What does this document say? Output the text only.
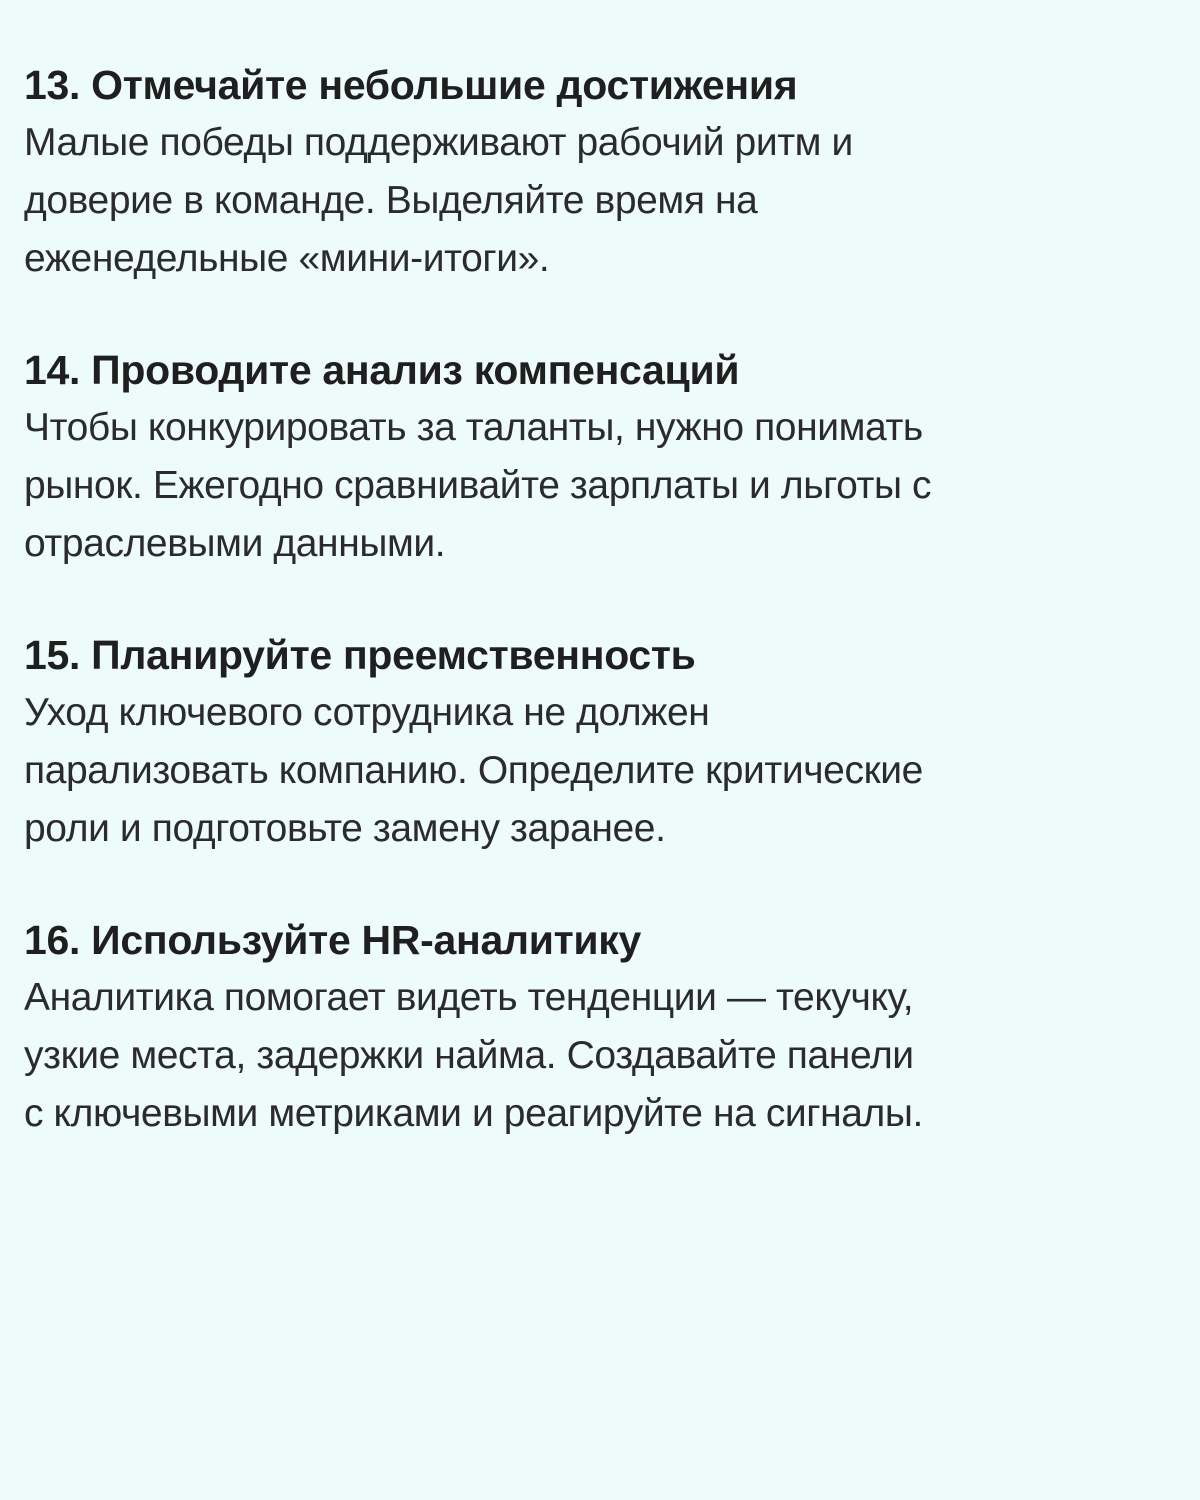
13. Отмечайте небольшие достижения
Малые победы поддерживают рабочий ритм и
доверие в команде. Выделяйте время на
еженедельные «мини-итоги».
14. Проводите анализ компенсаций
Чтобы конкурировать за таланты, нужно понимать
рынок. Ежегодно сравнивайте зарплаты и льготы с
отраслевыми данными.
15. Планируйте преемственность
Уход ключевого сотрудника не должен
парализовать компанию. Определите критические
роли и подготовьте замену заранее.
16. Используйте HR-аналитику
Аналитика помогает видеть тенденции — текучку,
узкие места, задержки найма. Создавайте панели
с ключевыми метриками и реагируйте на сигналы.
